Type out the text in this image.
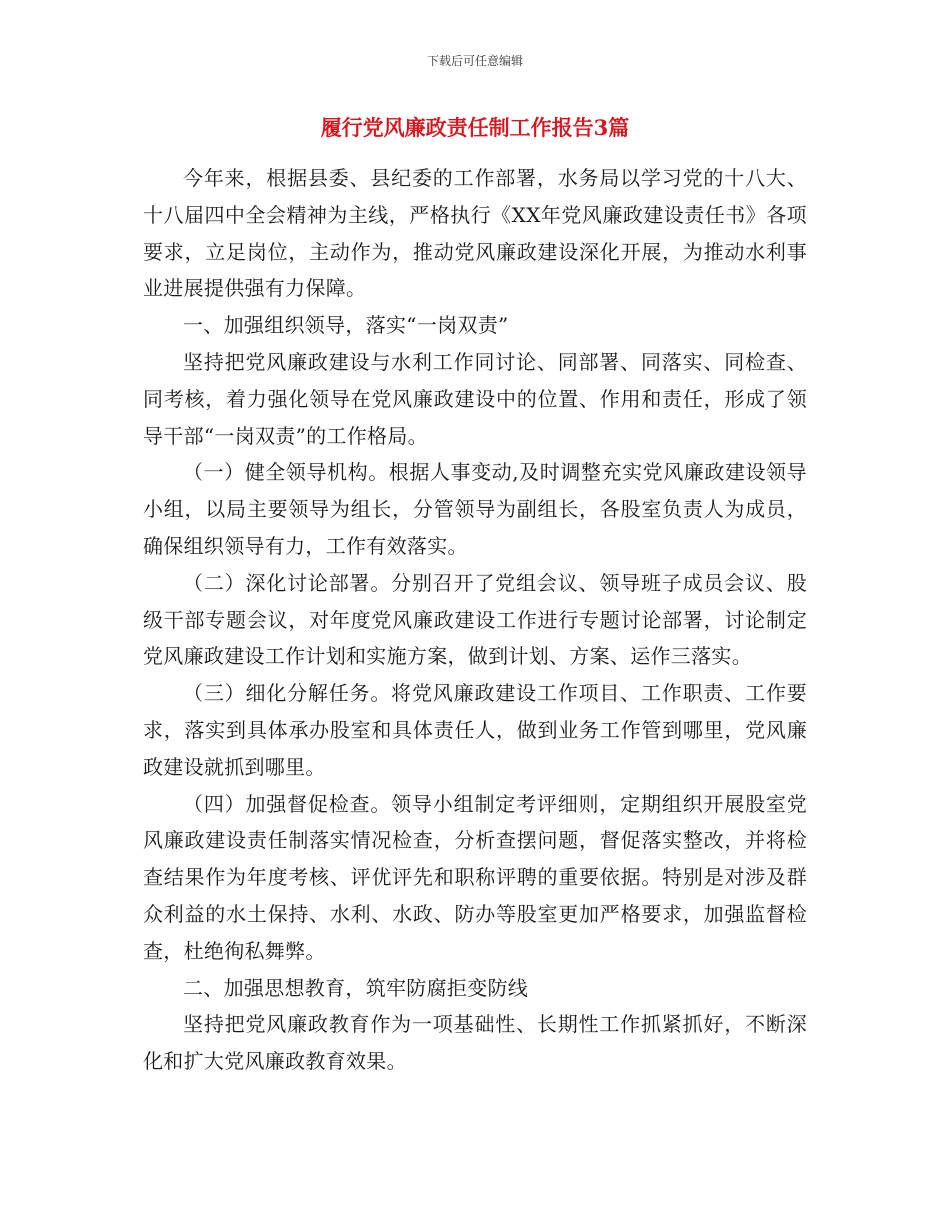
下载后可任意编辑
履行党风廉政责任制工作报告3篇

今年来，根据县委、县纪委的工作部署，水务局以学习党的十八大、十八届四中全会精神为主线，严格执行《XX年党风廉政建设责任书》各项要求，立足岗位，主动作为，推动党风廉政建设深化开展，为推动水利事业进展提供强有力保障。

一、加强组织领导，落实“一岗双责”

坚持把党风廉政建设与水利工作同讨论、同部署、同落实、同检查、同考核，着力强化领导在党风廉政建设中的位置、作用和责任，形成了领导干部“一岗双责”的工作格局。

（一）健全领导机构。根据人事变动,及时调整充实党风廉政建设领导小组，以局主要领导为组长，分管领导为副组长，各股室负责人为成员，确保组织领导有力，工作有效落实。

（二）深化讨论部署。分别召开了党组会议、领导班子成员会议、股级干部专题会议，对年度党风廉政建设工作进行专题讨论部署，讨论制定党风廉政建设工作计划和实施方案，做到计划、方案、运作三落实。

（三）细化分解任务。将党风廉政建设工作项目、工作职责、工作要求，落实到具体承办股室和具体责任人，做到业务工作管到哪里，党风廉政建设就抓到哪里。

（四）加强督促检查。领导小组制定考评细则，定期组织开展股室党风廉政建设责任制落实情况检查，分析查摆问题，督促落实整改，并将检查结果作为年度考核、评优评先和职称评聘的重要依据。特别是对涉及群众利益的水土保持、水利、水政、防办等股室更加严格要求，加强监督检查，杜绝徇私舞弊。

二、加强思想教育，筑牢防腐拒变防线

坚持把党风廉政教育作为一项基础性、长期性工作抓紧抓好，不断深化和扩大党风廉政教育效果。
